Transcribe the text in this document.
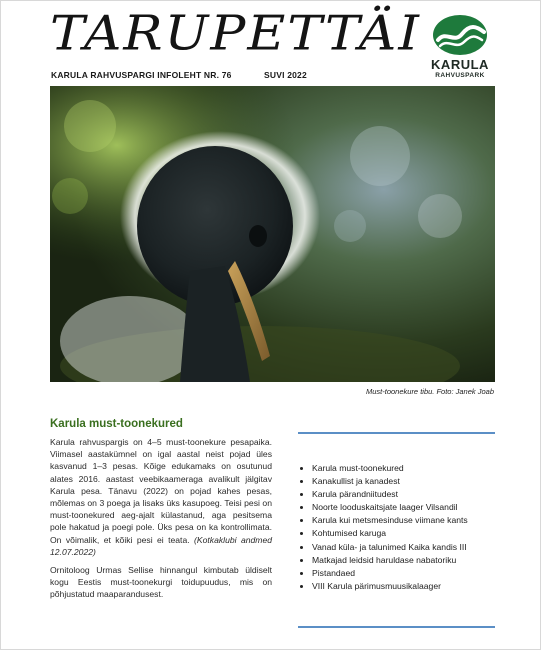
TARUPETTÄI
KARULA RAHVUSPARGI INFOLEHT NR. 76	SUVI 2022
KARULA
RAHVUSPARK
Must-toonekure tibu. Foto: Janek Joab
Karula must-toonekured

Karula rahvuspargis on 4–5 must-toonekure pesapaika. Viimasel aastakümnel on igal aastal neist pojad üles kasvanud 1–3 pesas. Kõige edukamaks on osutunud alates 2016. aastast veebikaameraga avalikult jälgitav Karula pesa. Tänavu (2022) on pojad kahes pesas, mõlemas on 3 poega ja lisaks üks kasupoeg. Teisi pesi on must-toonekured aeg-ajalt külastanud, aga pesitsema pole hakatud ja poegi pole. Üks pesa on ka kontrollimata. On võimalik, et kõiki pesi ei teata. (Kotkaklubi andmed 12.07.2022)

Ornitoloog Urmas Sellise hinnangul kimbutab üldiselt kogu Eestis must-toonekurgi toidupuudus, mis on põhjustatud maaparandusest.

• Karula must-toonekured
• Kanakullist ja kanadest
• Karula pärandniitudest
• Noorte looduskaitsjate laager Vilsandil
• Karula kui metsmesinduse viimane kants
• Kohtumised karuga
• Vanad küla- ja talunimed Kaika kandis III
• Matkajad leidsid haruldase nabatoriku
• Pistandaed
• VIII Karula pärimusmuusikalaager
